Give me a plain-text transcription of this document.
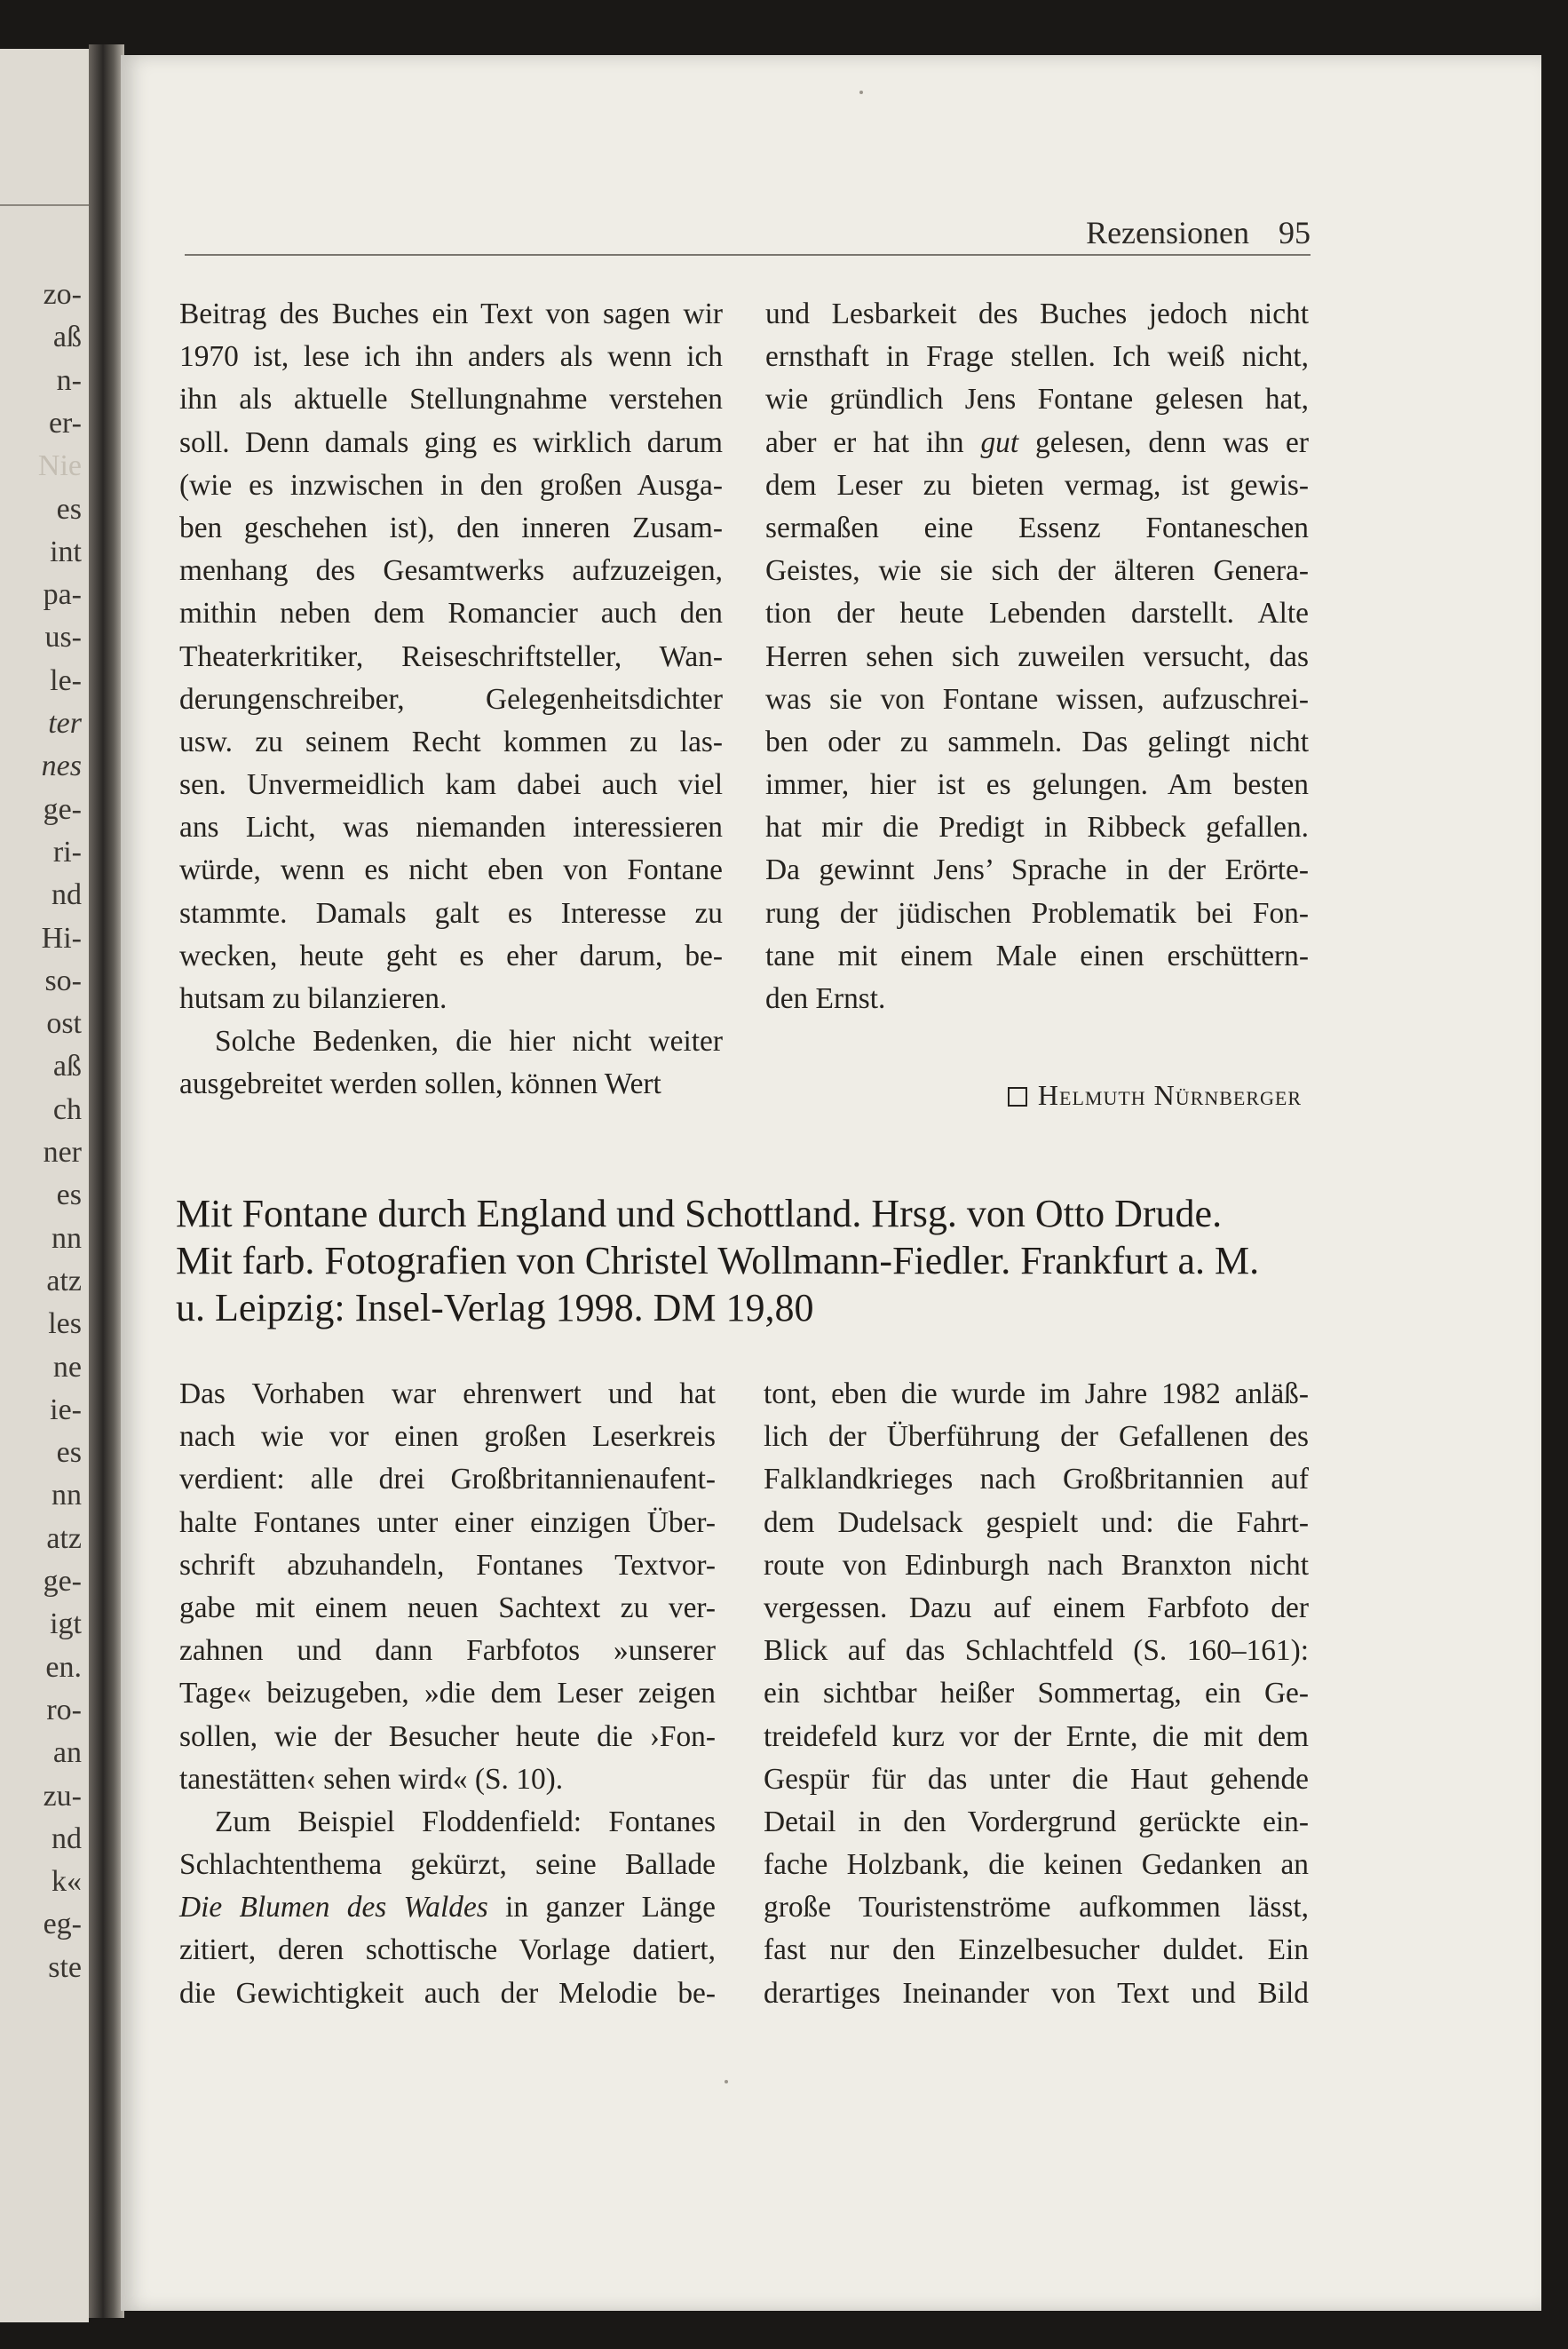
zo-
aß
n-
er-
Nie
es
int
pa-
us-
le-
ter
nes
ge-
ri-
nd
Hi-
so-
ost
aß
ch
ner
es
nn
atz
les
ne
ie-
es
nn
atz
ge-
igt
en.
ro-
an
zu-
nd
k«
eg-
ste
Rezensionen 95
Beitrag des Buches ein Text von sagen wir
1970 ist, lese ich ihn anders als wenn ich
ihn als aktuelle Stellungnahme verstehen
soll. Denn damals ging es wirklich darum
(wie es inzwischen in den großen Ausga-
ben geschehen ist), den inneren Zusam-
menhang des Gesamtwerks aufzuzeigen,
mithin neben dem Romancier auch den
Theaterkritiker, Reiseschriftsteller, Wan-
derungenschreiber, Gelegenheitsdichter
usw. zu seinem Recht kommen zu las-
sen. Unvermeidlich kam dabei auch viel
ans Licht, was niemanden interessieren
würde, wenn es nicht eben von Fontane
stammte. Damals galt es Interesse zu
wecken, heute geht es eher darum, be-
hutsam zu bilanzieren.
Solche Bedenken, die hier nicht weiter
ausgebreitet werden sollen, können Wert
und Lesbarkeit des Buches jedoch nicht
ernsthaft in Frage stellen. Ich weiß nicht,
wie gründlich Jens Fontane gelesen hat,
aber er hat ihn gut gelesen, denn was er
dem Leser zu bieten vermag, ist gewis-
sermaßen eine Essenz Fontaneschen
Geistes, wie sie sich der älteren Genera-
tion der heute Lebenden darstellt. Alte
Herren sehen sich zuweilen versucht, das
was sie von Fontane wissen, aufzuschrei-
ben oder zu sammeln. Das gelingt nicht
immer, hier ist es gelungen. Am besten
hat mir die Predigt in Ribbeck gefallen.
Da gewinnt Jens’ Sprache in der Erörte-
rung der jüdischen Problematik bei Fon-
tane mit einem Male einen erschüttern-
den Ernst.
Helmuth Nürnberger
Mit Fontane durch England und Schottland. Hrsg. von Otto Drude.
Mit farb. Fotografien von Christel Wollmann-Fiedler. Frankfurt a. M.
u. Leipzig: Insel-Verlag 1998. DM 19,80
Das Vorhaben war ehrenwert und hat
nach wie vor einen großen Leserkreis
verdient: alle drei Großbritannienaufent-
halte Fontanes unter einer einzigen Über-
schrift abzuhandeln, Fontanes Textvor-
gabe mit einem neuen Sachtext zu ver-
zahnen und dann Farbfotos »unserer
Tage« beizugeben, »die dem Leser zeigen
sollen, wie der Besucher heute die ›Fon-
tanestätten‹ sehen wird« (S. 10).
Zum Beispiel Floddenfield: Fontanes
Schlachtenthema gekürzt, seine Ballade
Die Blumen des Waldes in ganzer Länge
zitiert, deren schottische Vorlage datiert,
die Gewichtigkeit auch der Melodie be-
tont, eben die wurde im Jahre 1982 anläß-
lich der Überführung der Gefallenen des
Falklandkrieges nach Großbritannien auf
dem Dudelsack gespielt und: die Fahrt-
route von Edinburgh nach Branxton nicht
vergessen. Dazu auf einem Farbfoto der
Blick auf das Schlachtfeld (S. 160–161):
ein sichtbar heißer Sommertag, ein Ge-
treidefeld kurz vor der Ernte, die mit dem
Gespür für das unter die Haut gehende
Detail in den Vordergrund gerückte ein-
fache Holzbank, die keinen Gedanken an
große Touristenströme aufkommen lässt,
fast nur den Einzelbesucher duldet. Ein
derartiges Ineinander von Text und Bild
